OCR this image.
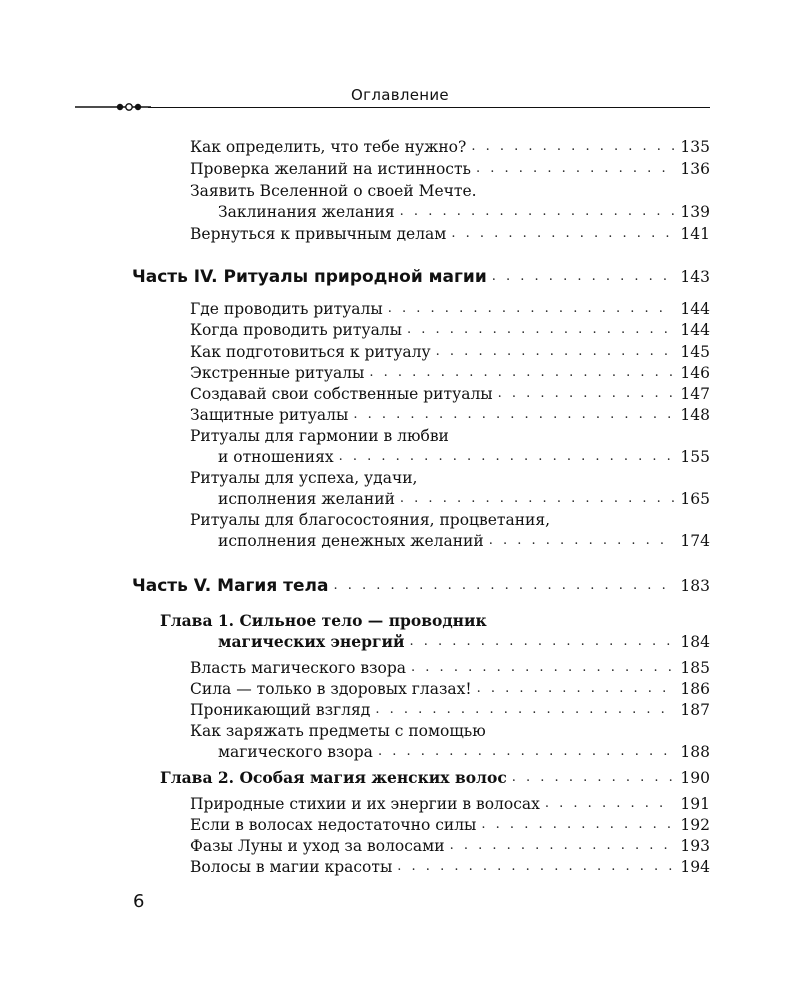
Оглавление
Как определить, что тебе нужно? . . .	135
Проверка желаний на истинность . . .	136
Заявить Вселенной о своей Мечте.
Заклинания желания . . .	139
Вернуться к привычным делам . . .	141
Часть IV. Ритуалы природной магии . . .	143
Где проводить ритуалы . . .	144
Когда проводить ритуалы . . .	144
Как подготовиться к ритуалу . . .	145
Экстренные ритуалы . . .	146
Создавай свои собственные ритуалы . . .	147
Защитные ритуалы . . .	148
Ритуалы для гармонии в любви
и отношениях . . .	155
Ритуалы для успеха, удачи,
исполнения желаний . . .	165
Ритуалы для благосостояния, процветания,
исполнения денежных желаний . . .	174
Часть V. Магия тела . . .	183
Глава 1. Сильное тело — проводник
магических энергий . . .	184
Власть магического взора . . .	185
Сила — только в здоровых глазах! . . .	186
Проникающий взгляд . . .	187
Как заряжать предметы с помощью
магического взора . . .	188
Глава 2. Особая магия женских волос . . .	190
Природные стихии и их энергии в волосах . . .	191
Если в волосах недостаточно силы . . .	192
Фазы Луны и уход за волосами . . .	193
Волосы в магии красоты . . .	194
6
